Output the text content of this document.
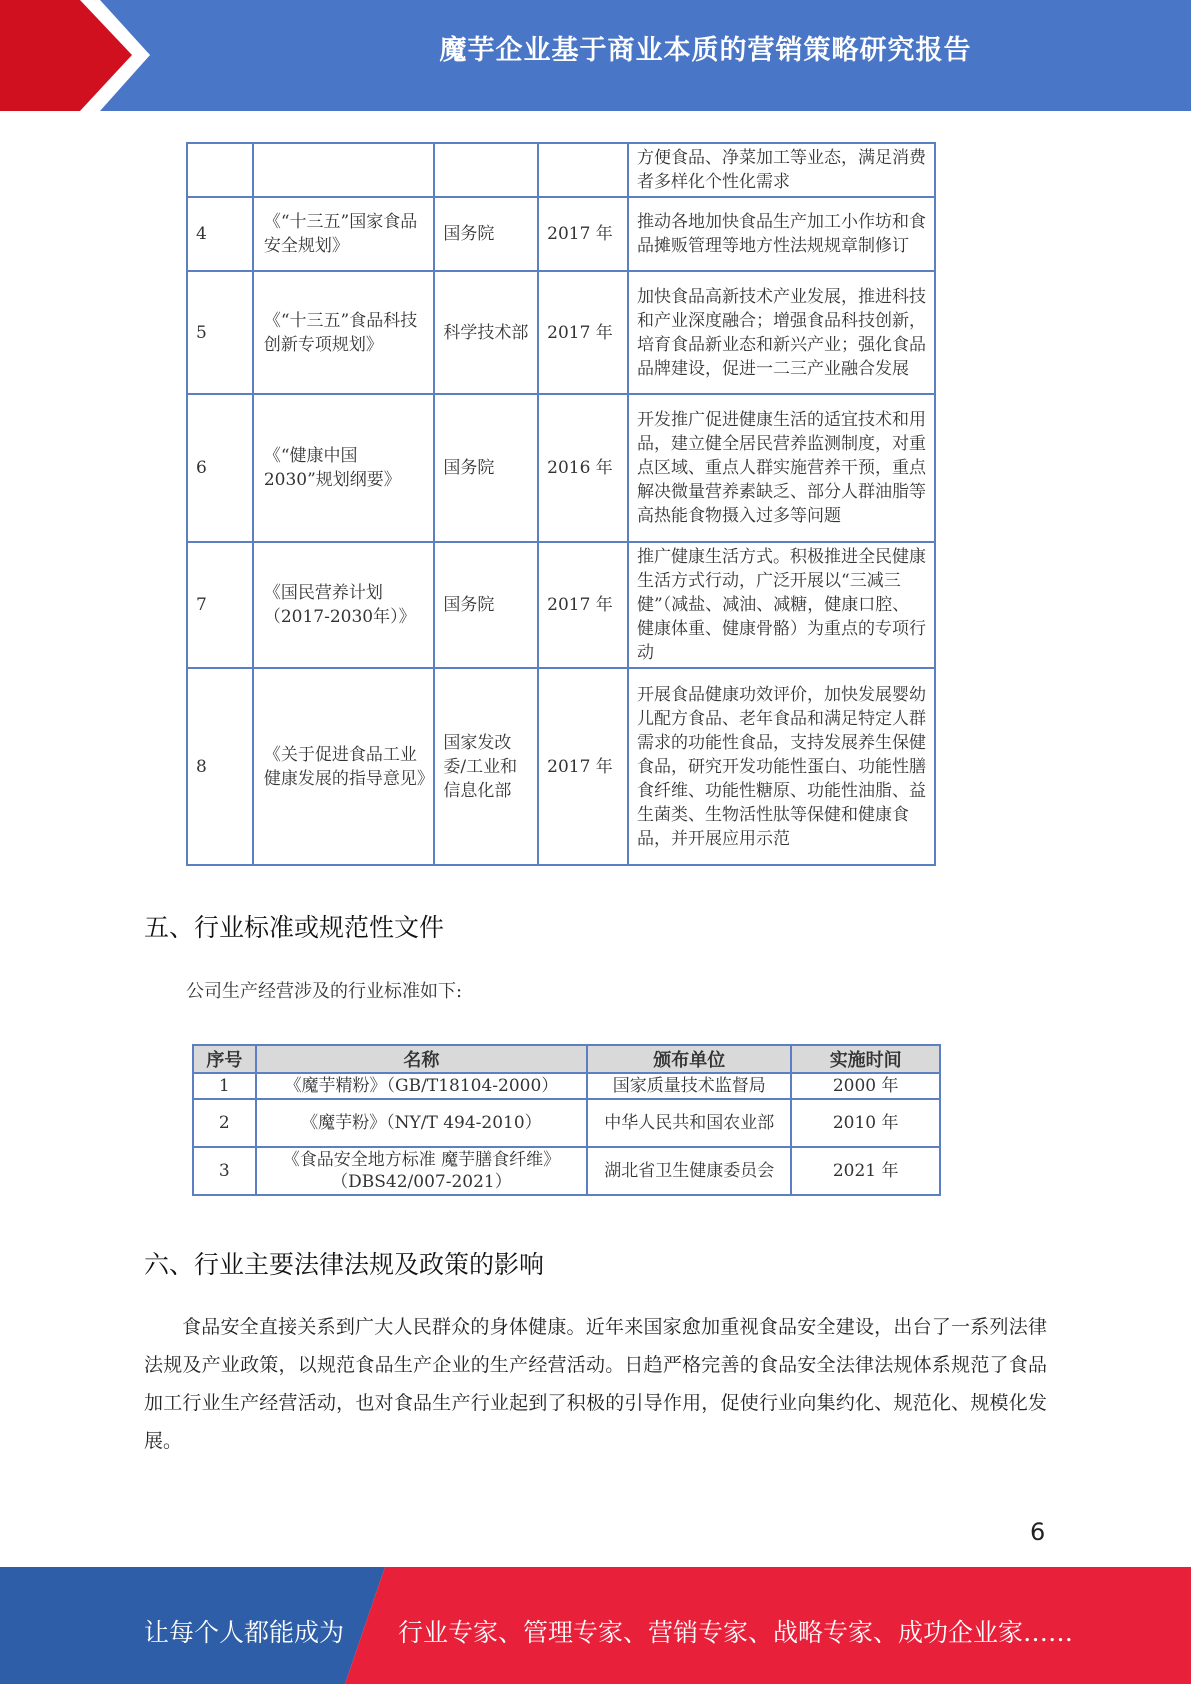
魔芋企业基于商业本质的营销策略研究报告
				方便食品、净菜加工等业态，满足消费者多样化个性化需求
4	《“十三五”国家食品安全规划》	国务院	2017 年	推动各地加快食品生产加工小作坊和食品摊贩管理等地方性法规规章制修订
5	《“十三五”食品科技创新专项规划》	科学技术部	2017 年	加快食品高新技术产业发展，推进科技和产业深度融合；增强食品科技创新，培育食品新业态和新兴产业；强化食品品牌建设，促进一二三产业融合发展
6	《“健康中国2030”规划纲要》	国务院	2016 年	开发推广促进健康生活的适宜技术和用品，建立健全居民营养监测制度，对重点区域、重点人群实施营养干预，重点解决微量营养素缺乏、部分人群油脂等高热能食物摄入过多等问题
7	《国民营养计划（2017-2030年）》	国务院	2017 年	推广健康生活方式。积极推进全民健康生活方式行动，广泛开展以“三减三健”（减盐、减油、减糖，健康口腔、健康体重、健康骨骼）为重点的专项行动
8	《关于促进食品工业健康发展的指导意见》	国家发改委/工业和信息化部	2017 年	开展食品健康功效评价，加快发展婴幼儿配方食品、老年食品和满足特定人群需求的功能性食品，支持发展养生保健食品，研究开发功能性蛋白、功能性膳食纤维、功能性糖原、功能性油脂、益生菌类、生物活性肽等保健和健康食品，并开展应用示范
五、行业标准或规范性文件
公司生产经营涉及的行业标准如下:
序号	名称	颁布单位	实施时间
1	《魔芋精粉》（GB/T18104-2000）	国家质量技术监督局	2000 年
2	《魔芋粉》（NY/T 494-2010）	中华人民共和国农业部	2010 年
3	《食品安全地方标准 魔芋膳食纤维》（DBS42/007-2021）	湖北省卫生健康委员会	2021 年
六、行业主要法律法规及政策的影响
食品安全直接关系到广大人民群众的身体健康。近年来国家愈加重视食品安全建设，出台了一系列法律法规及产业政策，以规范食品生产企业的生产经营活动。日趋严格完善的食品安全法律法规体系规范了食品加工行业生产经营活动，也对食品生产行业起到了积极的引导作用，促使行业向集约化、规范化、规模化发展。
6
让每个人都能成为 行业专家、管理专家、营销专家、战略专家、成功企业家……
